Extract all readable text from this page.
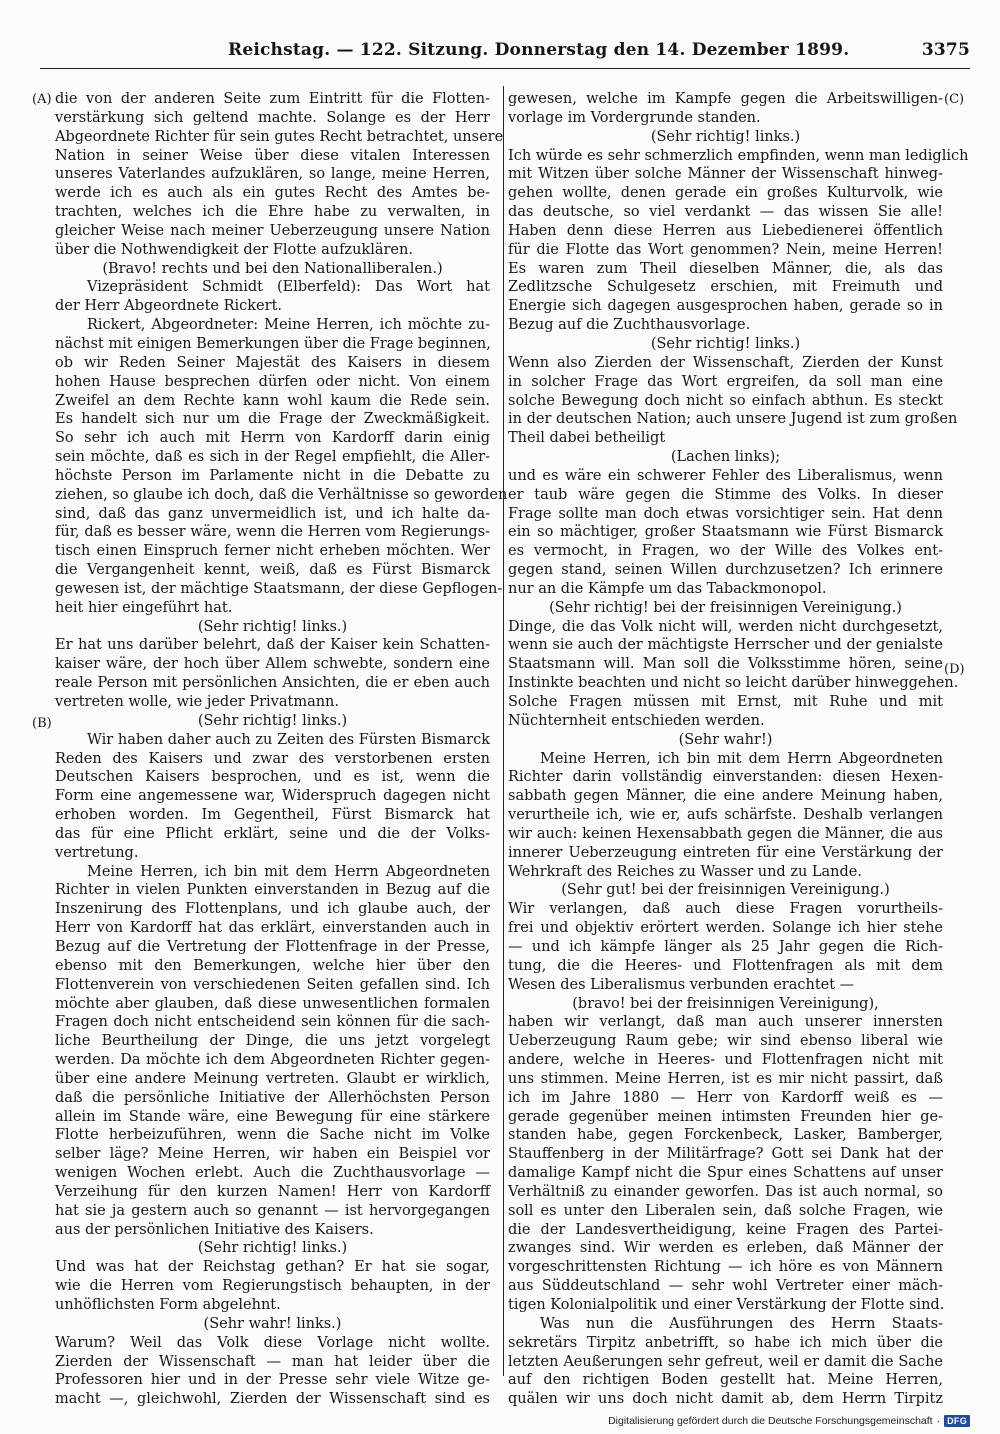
Reichstag. — 122. Sitzung. Donnerstag den 14. Dezember 1899.	3375
(A)
(B)
(C)
(D)
die von der anderen Seite zum Eintritt für die Flotten-
verstärkung sich geltend machte. Solange es der Herr
Abgeordnete Richter für sein gutes Recht betrachtet, unsere
Nation in seiner Weise über diese vitalen Interessen
unseres Vaterlandes aufzuklären, so lange, meine Herren,
werde ich es auch als ein gutes Recht des Amtes be-
trachten, welches ich die Ehre habe zu verwalten, in
gleicher Weise nach meiner Ueberzeugung unsere Nation
über die Nothwendigkeit der Flotte aufzuklären.
(Bravo! rechts und bei den Nationalliberalen.)
Vizepräsident Schmidt (Elberfeld): Das Wort hat
der Herr Abgeordnete Rickert.
Rickert, Abgeordneter: Meine Herren, ich möchte zu-
nächst mit einigen Bemerkungen über die Frage beginnen,
ob wir Reden Seiner Majestät des Kaisers in diesem
hohen Hause besprechen dürfen oder nicht. Von einem
Zweifel an dem Rechte kann wohl kaum die Rede sein.
Es handelt sich nur um die Frage der Zweckmäßigkeit.
So sehr ich auch mit Herrn von Kardorff darin einig
sein möchte, daß es sich in der Regel empfiehlt, die Aller-
höchste Person im Parlamente nicht in die Debatte zu
ziehen, so glaube ich doch, daß die Verhältnisse so geworden
sind, daß das ganz unvermeidlich ist, und ich halte da-
für, daß es besser wäre, wenn die Herren vom Regierungs-
tisch einen Einspruch ferner nicht erheben möchten. Wer
die Vergangenheit kennt, weiß, daß es Fürst Bismarck
gewesen ist, der mächtige Staatsmann, der diese Gepflogen-
heit hier eingeführt hat.
(Sehr richtig! links.)
Er hat uns darüber belehrt, daß der Kaiser kein Schatten-
kaiser wäre, der hoch über Allem schwebte, sondern eine
reale Person mit persönlichen Ansichten, die er eben auch
vertreten wolle, wie jeder Privatmann.
(Sehr richtig! links.)
Wir haben daher auch zu Zeiten des Fürsten Bismarck
Reden des Kaisers und zwar des verstorbenen ersten
Deutschen Kaisers besprochen, und es ist, wenn die
Form eine angemessene war, Widerspruch dagegen nicht
erhoben worden. Im Gegentheil, Fürst Bismarck hat
das für eine Pflicht erklärt, seine und die der Volks-
vertretung.
Meine Herren, ich bin mit dem Herrn Abgeordneten
Richter in vielen Punkten einverstanden in Bezug auf die
Inszenirung des Flottenplans, und ich glaube auch, der
Herr von Kardorff hat das erklärt, einverstanden auch in
Bezug auf die Vertretung der Flottenfrage in der Presse,
ebenso mit den Bemerkungen, welche hier über den
Flottenverein von verschiedenen Seiten gefallen sind. Ich
möchte aber glauben, daß diese unwesentlichen formalen
Fragen doch nicht entscheidend sein können für die sach-
liche Beurtheilung der Dinge, die uns jetzt vorgelegt
werden. Da möchte ich dem Abgeordneten Richter gegen-
über eine andere Meinung vertreten. Glaubt er wirklich,
daß die persönliche Initiative der Allerhöchsten Person
allein im Stande wäre, eine Bewegung für eine stärkere
Flotte herbeizuführen, wenn die Sache nicht im Volke
selber läge? Meine Herren, wir haben ein Beispiel vor
wenigen Wochen erlebt. Auch die Zuchthausvorlage —
Verzeihung für den kurzen Namen! Herr von Kardorff
hat sie ja gestern auch so genannt — ist hervorgegangen
aus der persönlichen Initiative des Kaisers.
(Sehr richtig! links.)
Und was hat der Reichstag gethan? Er hat sie sogar,
wie die Herren vom Regierungstisch behaupten, in der
unhöflichsten Form abgelehnt.
(Sehr wahr! links.)
Warum? Weil das Volk diese Vorlage nicht wollte.
Zierden der Wissenschaft — man hat leider über die
Professoren hier und in der Presse sehr viele Witze ge-
macht —, gleichwohl, Zierden der Wissenschaft sind es
gewesen, welche im Kampfe gegen die Arbeitswilligen-
vorlage im Vordergrunde standen.
(Sehr richtig! links.)
Ich würde es sehr schmerzlich empfinden, wenn man lediglich
mit Witzen über solche Männer der Wissenschaft hinweg-
gehen wollte, denen gerade ein großes Kulturvolk, wie
das deutsche, so viel verdankt — das wissen Sie alle!
Haben denn diese Herren aus Liebedienerei öffentlich
für die Flotte das Wort genommen? Nein, meine Herren!
Es waren zum Theil dieselben Männer, die, als das
Zedlitzsche Schulgesetz erschien, mit Freimuth und
Energie sich dagegen ausgesprochen haben, gerade so in
Bezug auf die Zuchthausvorlage.
(Sehr richtig! links.)
Wenn also Zierden der Wissenschaft, Zierden der Kunst
in solcher Frage das Wort ergreifen, da soll man eine
solche Bewegung doch nicht so einfach abthun. Es steckt
in der deutschen Nation; auch unsere Jugend ist zum großen
Theil dabei betheiligt
(Lachen links);
und es wäre ein schwerer Fehler des Liberalismus, wenn
er taub wäre gegen die Stimme des Volks. In dieser
Frage sollte man doch etwas vorsichtiger sein. Hat denn
ein so mächtiger, großer Staatsmann wie Fürst Bismarck
es vermocht, in Fragen, wo der Wille des Volkes ent-
gegen stand, seinen Willen durchzusetzen? Ich erinnere
nur an die Kämpfe um das Tabackmonopol.
(Sehr richtig! bei der freisinnigen Vereinigung.)
Dinge, die das Volk nicht will, werden nicht durchgesetzt,
wenn sie auch der mächtigste Herrscher und der genialste
Staatsmann will. Man soll die Volksstimme hören, seine
Instinkte beachten und nicht so leicht darüber hinweggehen.
Solche Fragen müssen mit Ernst, mit Ruhe und mit
Nüchternheit entschieden werden.
(Sehr wahr!)
Meine Herren, ich bin mit dem Herrn Abgeordneten
Richter darin vollständig einverstanden: diesen Hexen-
sabbath gegen Männer, die eine andere Meinung haben,
verurtheile ich, wie er, aufs schärfste. Deshalb verlangen
wir auch: keinen Hexensabbath gegen die Männer, die aus
innerer Ueberzeugung eintreten für eine Verstärkung der
Wehrkraft des Reiches zu Wasser und zu Lande.
(Sehr gut! bei der freisinnigen Vereinigung.)
Wir verlangen, daß auch diese Fragen vorurtheils-
frei und objektiv erörtert werden. Solange ich hier stehe
— und ich kämpfe länger als 25 Jahr gegen die Rich-
tung, die die Heeres- und Flottenfragen als mit dem
Wesen des Liberalismus verbunden erachtet —
(bravo! bei der freisinnigen Vereinigung),
haben wir verlangt, daß man auch unserer innersten
Ueberzeugung Raum gebe; wir sind ebenso liberal wie
andere, welche in Heeres- und Flottenfragen nicht mit
uns stimmen. Meine Herren, ist es mir nicht passirt, daß
ich im Jahre 1880 — Herr von Kardorff weiß es —
gerade gegenüber meinen intimsten Freunden hier ge-
standen habe, gegen Forckenbeck, Lasker, Bamberger,
Stauffenberg in der Militärfrage? Gott sei Dank hat der
damalige Kampf nicht die Spur eines Schattens auf unser
Verhältniß zu einander geworfen. Das ist auch normal, so
soll es unter den Liberalen sein, daß solche Fragen, wie
die der Landesvertheidigung, keine Fragen des Partei-
zwanges sind. Wir werden es erleben, daß Männer der
vorgeschrittensten Richtung — ich höre es von Männern
aus Süddeutschland — sehr wohl Vertreter einer mäch-
tigen Kolonialpolitik und einer Verstärkung der Flotte sind.
Was nun die Ausführungen des Herrn Staats-
sekretärs Tirpitz anbetrifft, so habe ich mich über die
letzten Aeußerungen sehr gefreut, weil er damit die Sache
auf den richtigen Boden gestellt hat. Meine Herren,
quälen wir uns doch nicht damit ab, dem Herrn Tirpitz
Digitalisierung gefördert durch die Deutsche Forschungsgemeinschaft · DFG
